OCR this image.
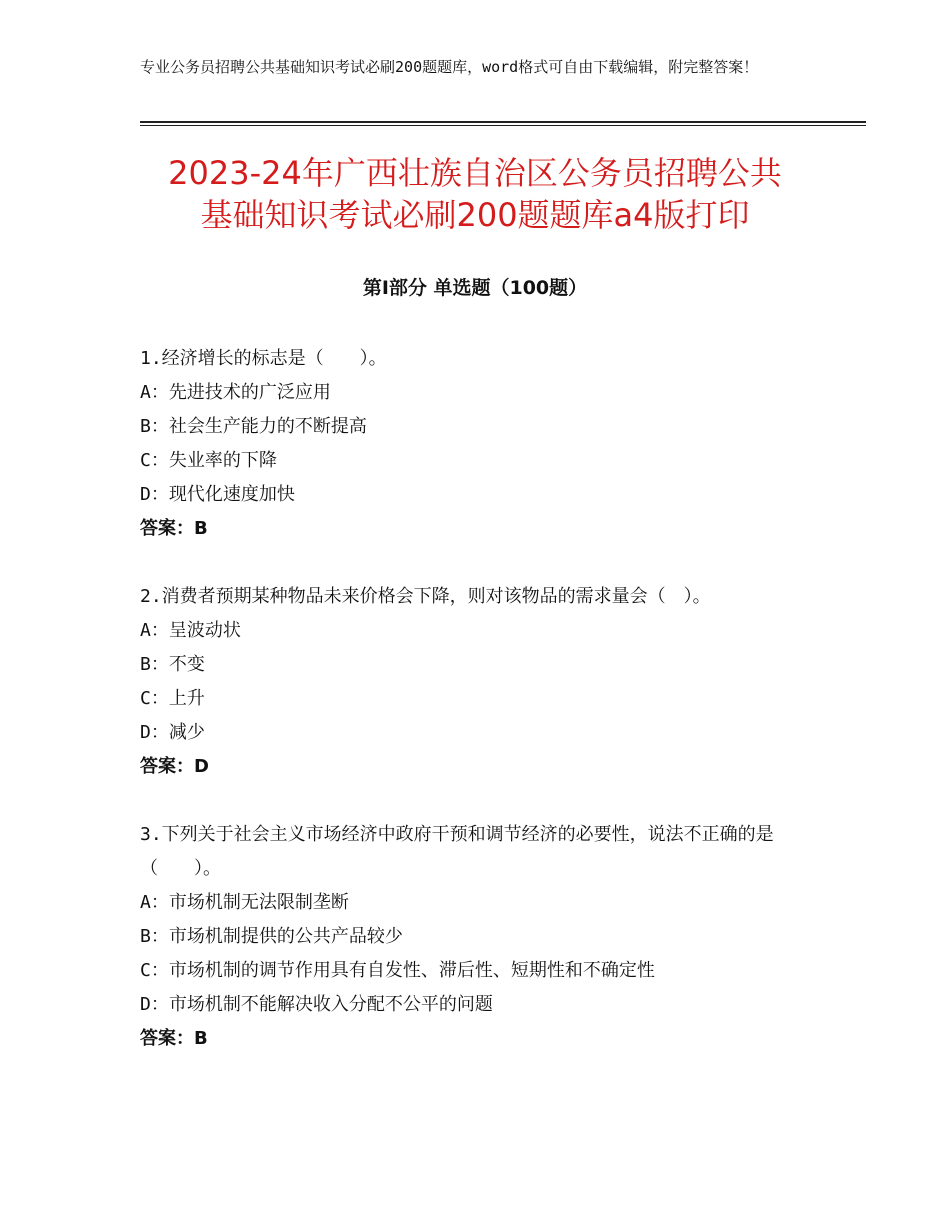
专业公务员招聘公共基础知识考试必刷200题题库，word格式可自由下载编辑，附完整答案！
2023-24年广西壮族自治区公务员招聘公共
基础知识考试必刷200题题库a4版打印
第Ⅰ部分 单选题（100题）

1.经济增长的标志是（　　）。

A：先进技术的广泛应用

B：社会生产能力的不断提高

C：失业率的下降

D：现代化速度加快

答案：B

2.消费者预期某种物品未来价格会下降，则对该物品的需求量会（　）。

A：呈波动状

B：不变

C：上升

D：减少

答案：D

3.下列关于社会主义市场经济中政府干预和调节经济的必要性，说法不正确的是（　　）。

A：市场机制无法限制垄断

B：市场机制提供的公共产品较少

C：市场机制的调节作用具有自发性、滞后性、短期性和不确定性

D：市场机制不能解决收入分配不公平的问题

答案：B
